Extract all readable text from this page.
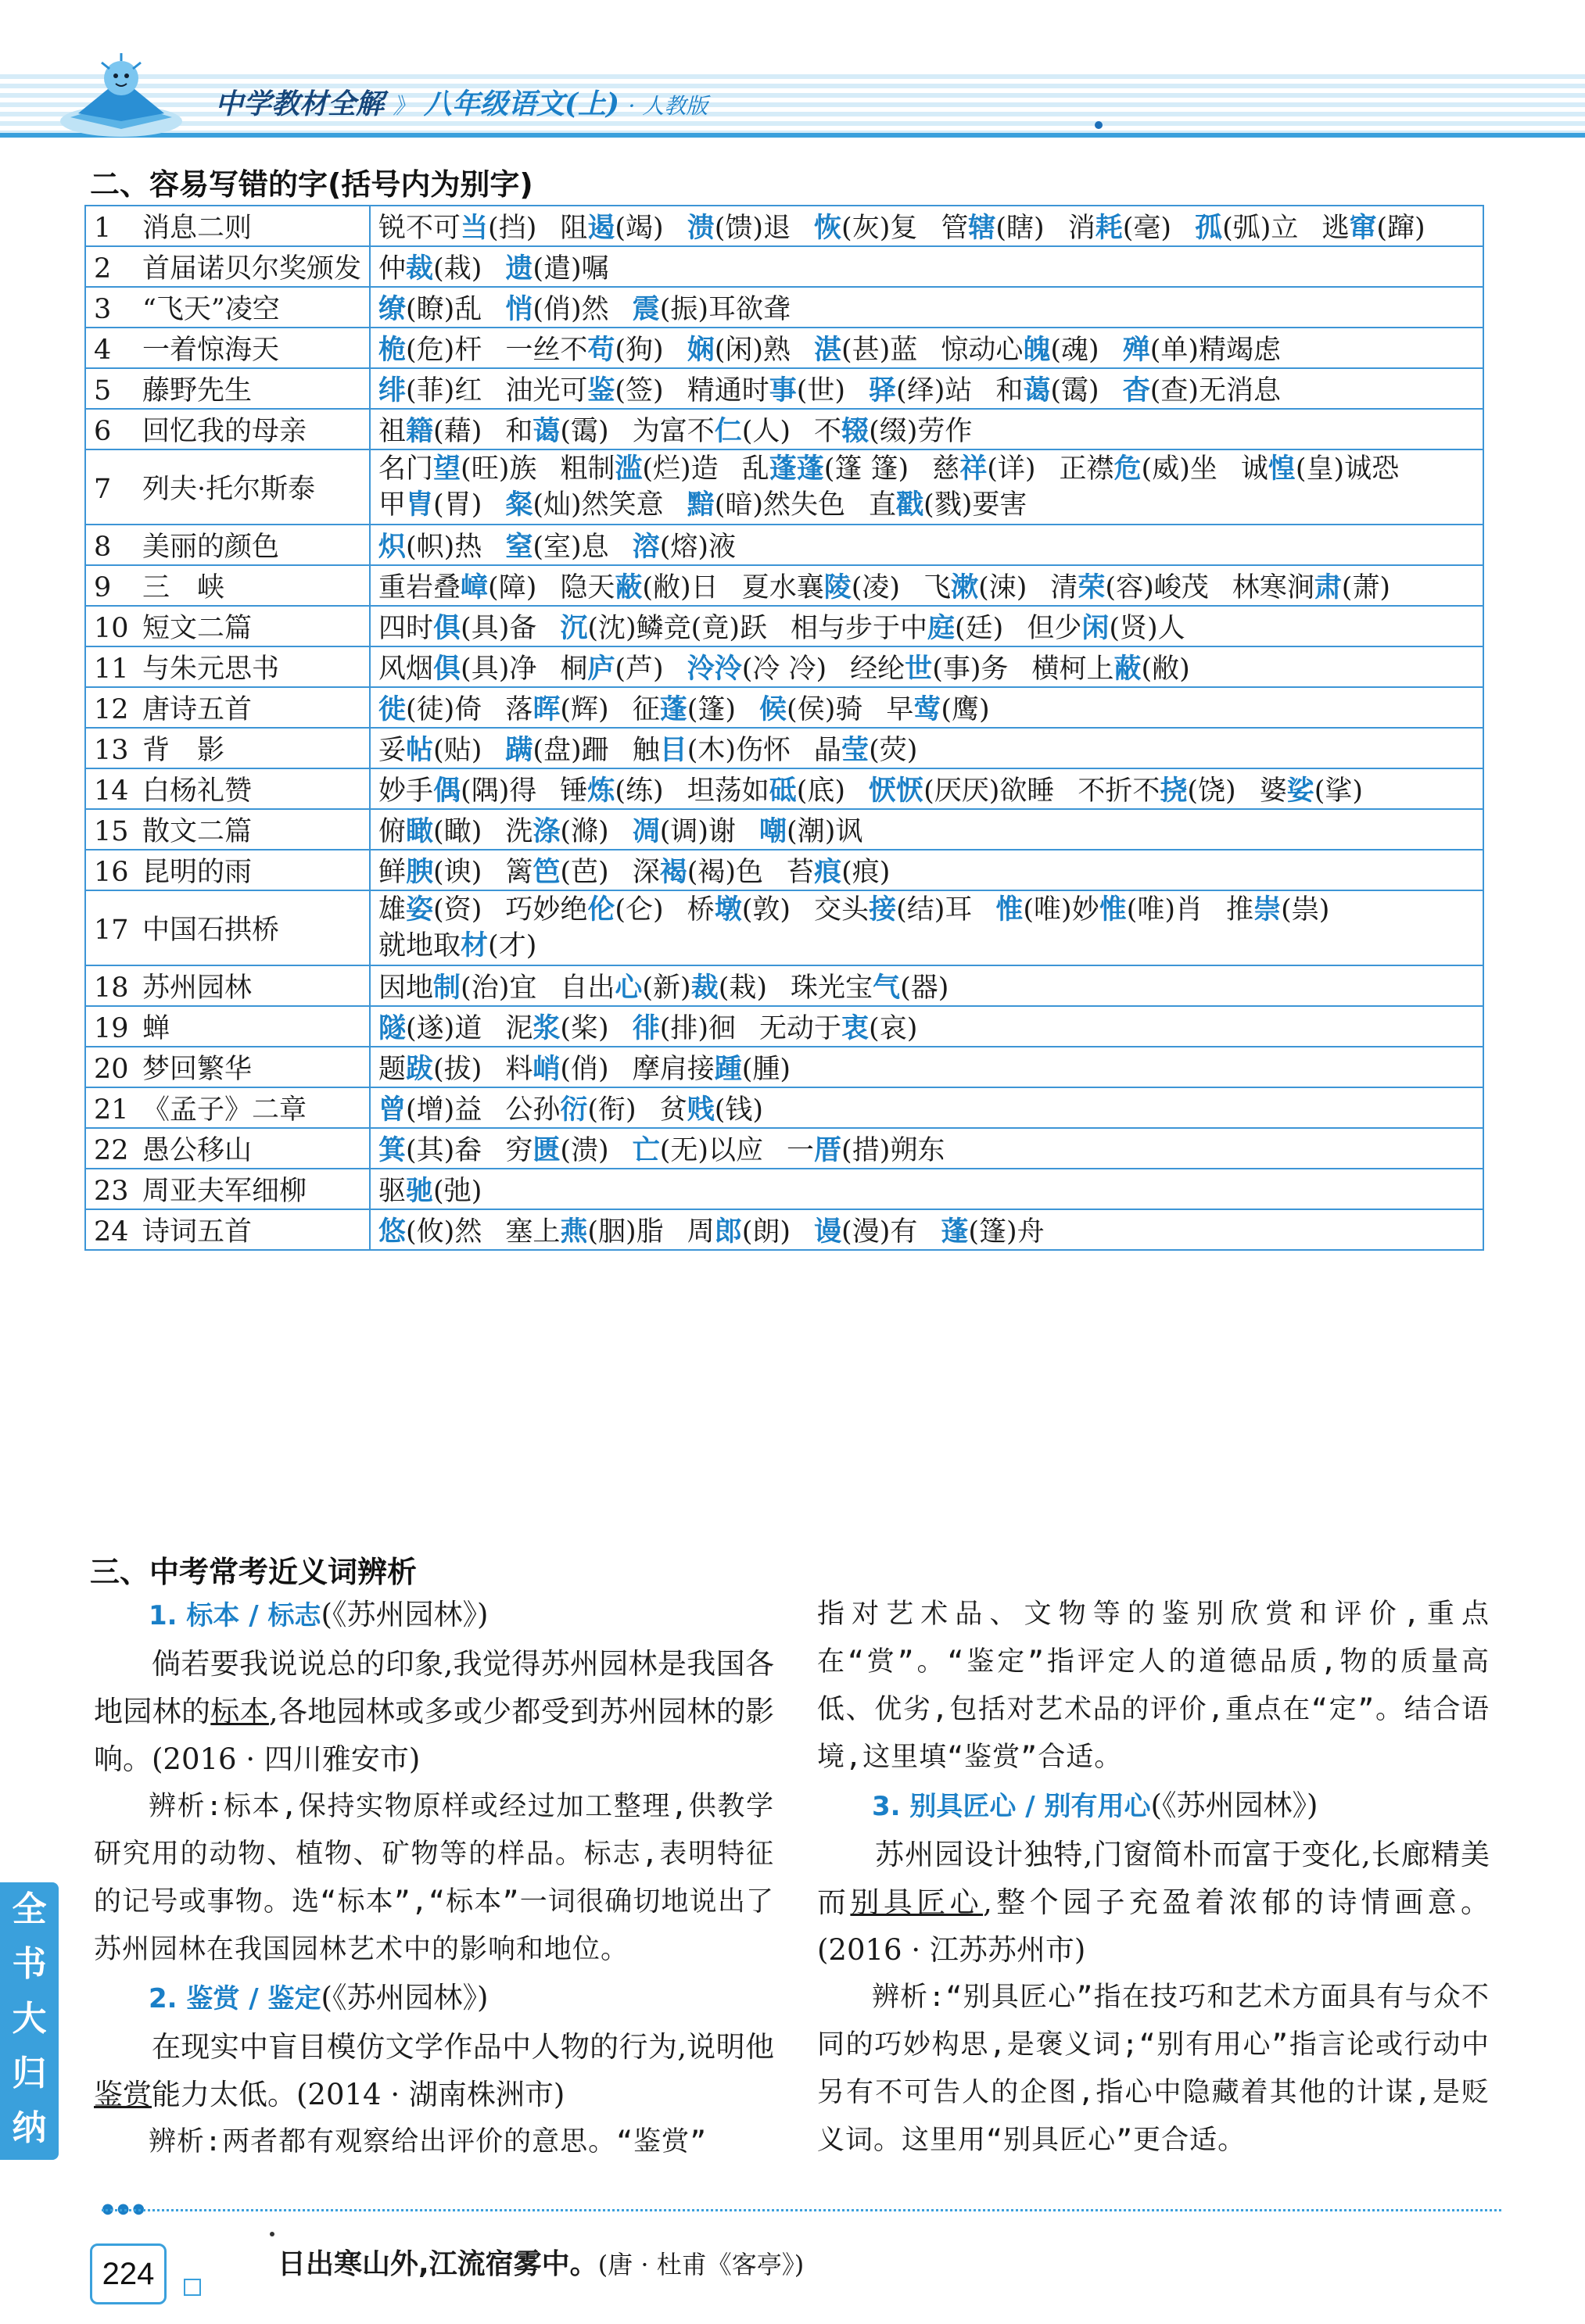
中学教材全解 》 八年级语文(上) · 人教版
二、容易写错的字(括号内为别字)
1 消息二则	锐不可当(挡) 阻遏(竭) 溃(馈)退 恢(灰)复 管辖(瞎) 消耗(毫) 孤(弧)立 逃窜(蹿)
2 首届诺贝尔奖颁发	仲裁(栽) 遗(遣)嘱
3 “飞天”凌空	缭(瞭)乱 悄(俏)然 震(振)耳欲聋
4 一着惊海天	桅(危)杆 一丝不苟(狗) 娴(闲)熟 湛(甚)蓝 惊动心魄(魂) 殚(单)精竭虑
5 藤野先生	绯(菲)红 油光可鉴(签) 精通时事(世) 驿(绎)站 和蔼(霭) 杳(查)无消息
6 回忆我的母亲	祖籍(藉) 和蔼(霭) 为富不仁(人) 不辍(缀)劳作
7 列夫·托尔斯泰	名门望(旺)族 粗制滥(烂)造 乱蓬蓬(篷 篷) 慈祥(详) 正襟危(威)坐 诚惶(皇)诚恐甲胄(胃) 粲(灿)然笑意 黯(暗)然失色 直戳(戮)要害
8 美丽的颜色	炽(帜)热 窒(室)息 溶(熔)液
9 三　峡	重岩叠嶂(障) 隐天蔽(敝)日 夏水襄陵(凌) 飞漱(涑) 清荣(容)峻茂 林寒涧肃(萧)
10 短文二篇	四时俱(具)备 沉(沈)鳞竞(竟)跃 相与步于中庭(廷) 但少闲(贤)人
11 与朱元思书	风烟俱(具)净 桐庐(芦) 泠泠(冷 冷) 经纶世(事)务 横柯上蔽(敝)
12 唐诗五首	徙(徒)倚 落晖(辉) 征蓬(篷) 候(侯)骑 早莺(鹰)
13 背　影	妥帖(贴) 蹒(盘)跚 触目(木)伤怀 晶莹(荧)
14 白杨礼赞	妙手偶(隅)得 锤炼(练) 坦荡如砥(底) 恹恹(厌厌)欲睡 不折不挠(饶) 婆娑(挲)
15 散文二篇	俯瞰(瞰) 洗涤(滌) 凋(调)谢 嘲(潮)讽
16 昆明的雨	鲜腴(谀) 篱笆(芭) 深褐(褐)色 苔痕(痕)
17 中国石拱桥	雄姿(资) 巧妙绝伦(仑) 桥墩(敦) 交头接(结)耳 惟(唯)妙惟(唯)肖 推崇(祟)就地取材(才)
18 苏州园林	因地制(治)宜 自出心(新)裁(栽) 珠光宝气(器)
19 蝉	隧(遂)道 泥浆(桨) 徘(排)徊 无动于衷(哀)
20 梦回繁华	题跋(拔) 料峭(俏) 摩肩接踵(腫)
21 《孟子》二章	曾(增)益 公孙衍(衔) 贫贱(钱)
22 愚公移山	箕(其)畚 穷匮(溃) 亡(无)以应 一厝(措)朔东
23 周亚夫军细柳	驱驰(弛)
24 诗词五首	悠(攸)然 塞上燕(胭)脂 周郎(朗) 谩(漫)有 蓬(篷)舟
三、中考常考近义词辨析
1. 标本 / 标志(《苏州园林》)
倘若要我说说总的印象,我觉得苏州园林是我国各地园林的标本,各地园林或多或少都受到苏州园林的影响。(2016 · 四川雅安市)
辨析:标本,保持实物原样或经过加工整理,供教学研究用的动物、植物、矿物等的样品。标志,表明特征的记号或事物。选“标本”,“标本”一词很确切地说出了苏州园林在我国园林艺术中的影响和地位。
2. 鉴赏 / 鉴定(《苏州园林》)
在现实中盲目模仿文学作品中人物的行为,说明他鉴赏能力太低。(2014 · 湖南株洲市)
辨析:两者都有观察给出评价的意思。“鉴赏”
指对艺术品、文物等的鉴别欣赏和评价,重点在“赏”。“鉴定”指评定人的道德品质,物的质量高低、优劣,包括对艺术品的评价,重点在“定”。结合语境,这里填“鉴赏”合适。
3. 别具匠心 / 别有用心(《苏州园林》)
苏州园设计独特,门窗简朴而富于变化,长廊精美而别具匠心,整个园子充盈着浓郁的诗情画意。(2016 · 江苏苏州市)
辨析:“别具匠心”指在技巧和艺术方面具有与众不同的巧妙构思,是褒义词;“别有用心”指言论或行动中另有不可告人的企图,指心中隐藏着其他的计谋,是贬义词。这里用“别具匠心”更合适。
全
书
大
归
纳
●●●
224	日出寒山外,江流宿雾中。(唐 · 杜甫《客亭》)
